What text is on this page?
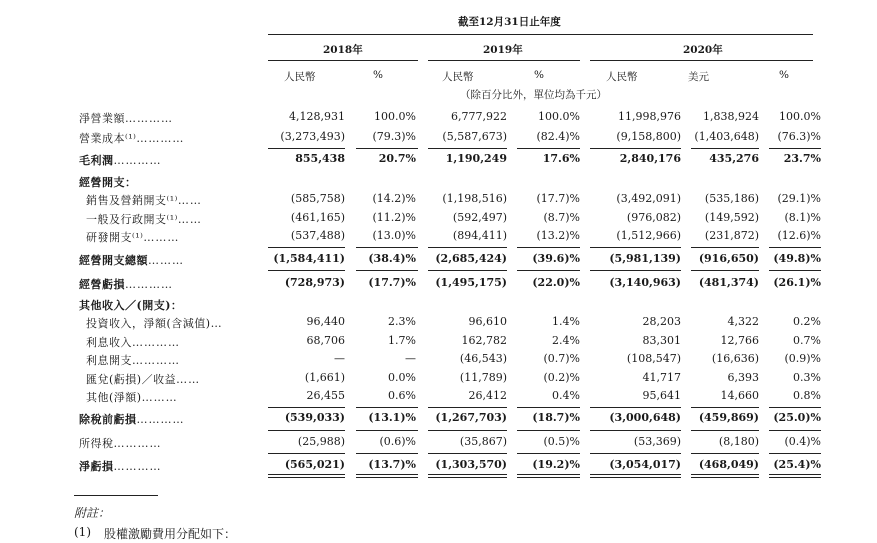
截至12月31日止年度
2018年	2019年	2020年
人民幣	%	人民幣	%	人民幣	美元	%
（除百分比外，單位均為千元）
淨營業額…………	4,128,931	100.0%	6,777,922	100.0%	11,998,976 1,838,924 100.0%
營業成本⁽¹⁾…………	(3,273,493) (79.3)% (5,587,673)	(82.4)%	(9,158,800) (1,403,648) (76.3)%
毛利潤…………	855,438	20.7%	1,190,249	17.6%	2,840,176	435,276 23.7%
經營開支：
銷售及營銷開支⁽¹⁾……	(585,758) (14.2)% (1,198,516)	(17.7)%	(3,492,091) (535,186) (29.1)%
一般及行政開支⁽¹⁾……	(461,165) (11.2)%	(592,497)	(8.7)%	(976,082) (149,592) (8.1)%
研發開支⁽¹⁾………	(537,488) (13.0)%	(894,411)	(13.2)%	(1,512,966) (231,872) (12.6)%
經營開支總額………	(1,584,411) (38.4)% (2,685,424) (39.6)%	(5,981,139) (916,650) (49.8)%
經營虧損…………	(728,973) (17.7)% (1,495,175) (22.0)%	(3,140,963) (481,374) (26.1)%
其他收入／(開支)：
投資收入，淨額(含減值)…	96,440	2.3%	96,610	1.4%	28,203	4,322	0.2%
利息收入…………	68,706	1.7%	162,782	2.4%	83,301	12,766	0.7%
利息開支…………	—	—	(46,543)	(0.7)%	(108,547)	(16,636) (0.9)%
匯兌(虧損)／收益……	(1,661)	0.0%	(11,789)	(0.2)%	41,717	6,393	0.3%
其他(淨額)………	26,455	0.6%	26,412	0.4%	95,641	14,660	0.8%
除稅前虧損…………	(539,033) (13.1)% (1,267,703) (18.7)%	(3,000,648) (459,869) (25.0)%
所得稅…………	(25,988)	(0.6)%	(35,867)	(0.5)%	(53,369)	(8,180) (0.4)%
淨虧損…………	(565,021) (13.7)% (1,303,570) (19.2)%	(3,054,017) (468,049) (25.4)%
附註：
(1) 股權激勵費用分配如下：
